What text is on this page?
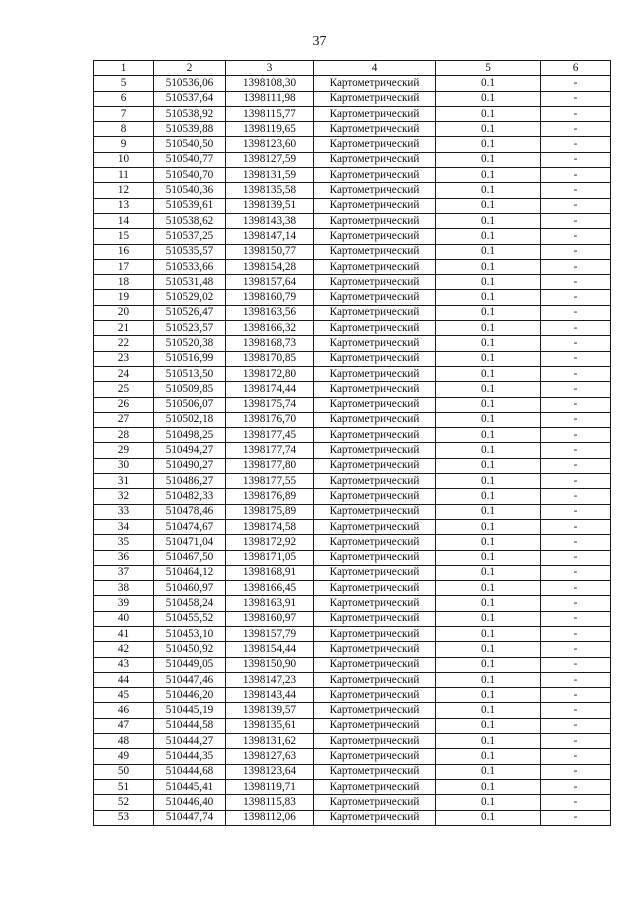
37
1	2	3	4	5	6
5	510536,06	1398108,30	Картометрический	0.1	-
6	510537,64	1398111,98	Картометрический	0.1	-
7	510538,92	1398115,77	Картометрический	0.1	-
8	510539,88	1398119,65	Картометрический	0.1	-
9	510540,50	1398123,60	Картометрический	0.1	-
10	510540,77	1398127,59	Картометрический	0.1	-
11	510540,70	1398131,59	Картометрический	0.1	-
12	510540,36	1398135,58	Картометрический	0.1	-
13	510539,61	1398139,51	Картометрический	0.1	-
14	510538,62	1398143,38	Картометрический	0.1	-
15	510537,25	1398147,14	Картометрический	0.1	-
16	510535,57	1398150,77	Картометрический	0.1	-
17	510533,66	1398154,28	Картометрический	0.1	-
18	510531,48	1398157,64	Картометрический	0.1	-
19	510529,02	1398160,79	Картометрический	0.1	-
20	510526,47	1398163,56	Картометрический	0.1	-
21	510523,57	1398166,32	Картометрический	0.1	-
22	510520,38	1398168,73	Картометрический	0.1	-
23	510516,99	1398170,85	Картометрический	0.1	-
24	510513,50	1398172,80	Картометрический	0.1	-
25	510509,85	1398174,44	Картометрический	0.1	-
26	510506,07	1398175,74	Картометрический	0.1	-
27	510502,18	1398176,70	Картометрический	0.1	-
28	510498,25	1398177,45	Картометрический	0.1	-
29	510494,27	1398177,74	Картометрический	0.1	-
30	510490,27	1398177,80	Картометрический	0.1	-
31	510486,27	1398177,55	Картометрический	0.1	-
32	510482,33	1398176,89	Картометрический	0.1	-
33	510478,46	1398175,89	Картометрический	0.1	-
34	510474,67	1398174,58	Картометрический	0.1	-
35	510471,04	1398172,92	Картометрический	0.1	-
36	510467,50	1398171,05	Картометрический	0.1	-
37	510464,12	1398168,91	Картометрический	0.1	-
38	510460,97	1398166,45	Картометрический	0.1	-
39	510458,24	1398163,91	Картометрический	0.1	-
40	510455,52	1398160,97	Картометрический	0.1	-
41	510453,10	1398157,79	Картометрический	0.1	-
42	510450,92	1398154,44	Картометрический	0.1	-
43	510449,05	1398150,90	Картометрический	0.1	-
44	510447,46	1398147,23	Картометрический	0.1	-
45	510446,20	1398143,44	Картометрический	0.1	-
46	510445,19	1398139,57	Картометрический	0.1	-
47	510444,58	1398135,61	Картометрический	0.1	-
48	510444,27	1398131,62	Картометрический	0.1	-
49	510444,35	1398127,63	Картометрический	0.1	-
50	510444,68	1398123,64	Картометрический	0.1	-
51	510445,41	1398119,71	Картометрический	0.1	-
52	510446,40	1398115,83	Картометрический	0.1	-
53	510447,74	1398112,06	Картометрический	0.1	-
